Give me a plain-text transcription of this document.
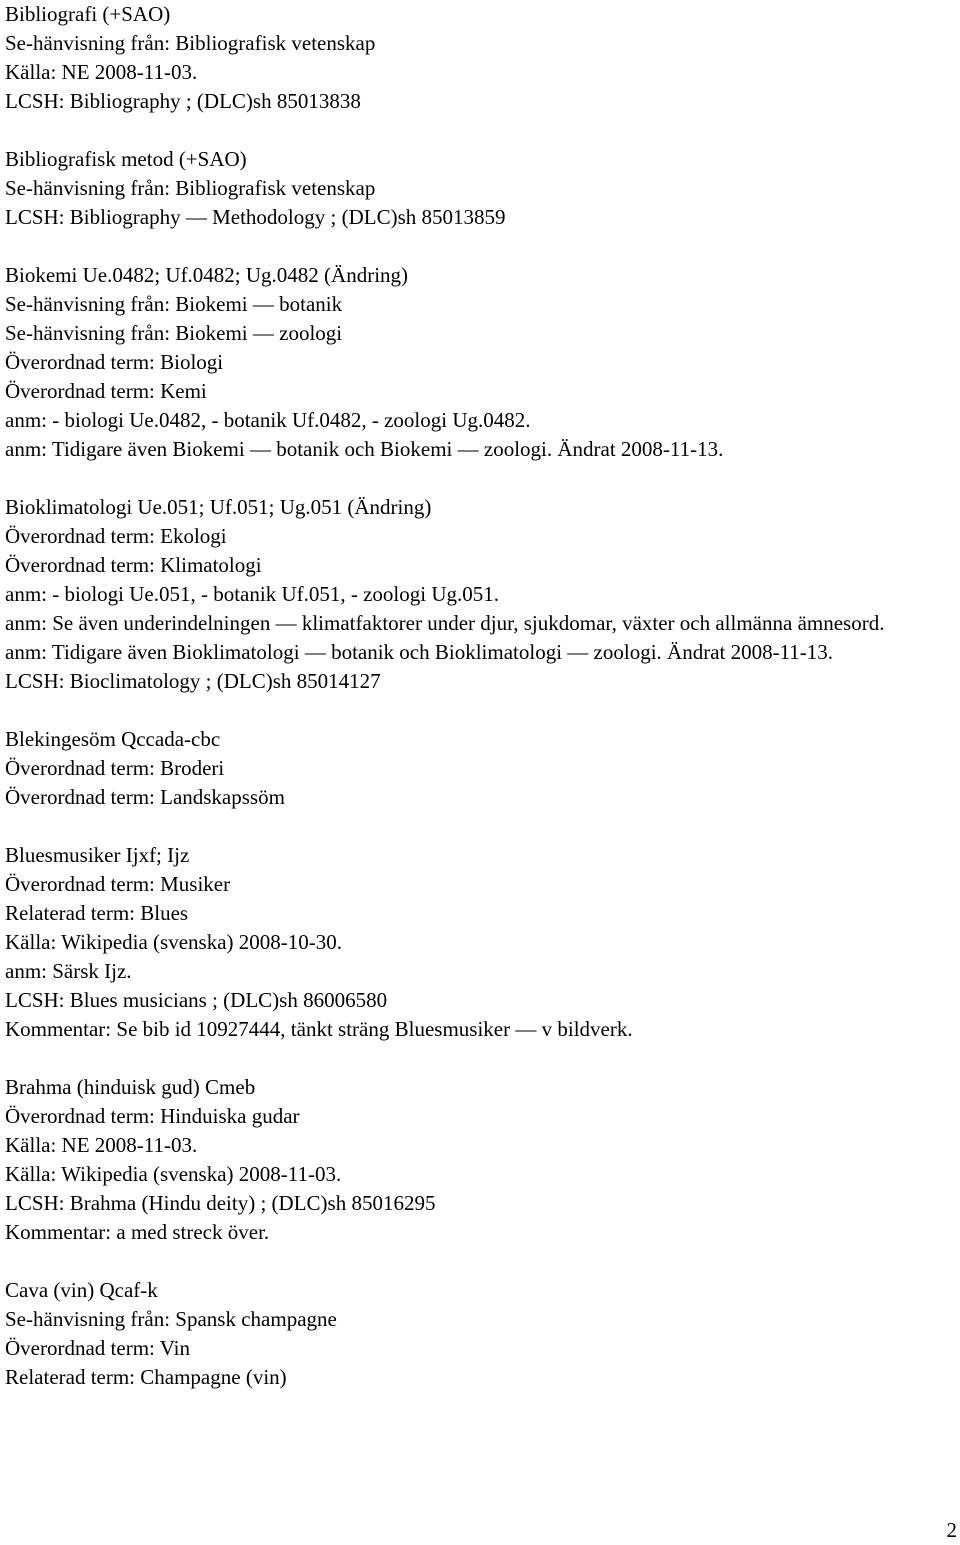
Bibliografi (+SAO)
Se-hänvisning från: Bibliografisk vetenskap
Källa: NE 2008-11-03.
LCSH: Bibliography ; (DLC)sh 85013838
Bibliografisk metod (+SAO)
Se-hänvisning från: Bibliografisk vetenskap
LCSH: Bibliography — Methodology ; (DLC)sh 85013859
Biokemi Ue.0482; Uf.0482; Ug.0482 (Ändring)
Se-hänvisning från: Biokemi — botanik
Se-hänvisning från: Biokemi — zoologi
Överordnad term: Biologi
Överordnad term: Kemi
anm: - biologi Ue.0482, - botanik Uf.0482, - zoologi Ug.0482.
anm: Tidigare även Biokemi — botanik och Biokemi — zoologi. Ändrat 2008-11-13.
Bioklimatologi Ue.051; Uf.051; Ug.051 (Ändring)
Överordnad term: Ekologi
Överordnad term: Klimatologi
anm: - biologi Ue.051, - botanik Uf.051, - zoologi Ug.051.
anm: Se även underindelningen — klimatfaktorer under djur, sjukdomar, växter och allmänna ämnesord.
anm: Tidigare även Bioklimatologi — botanik och Bioklimatologi — zoologi. Ändrat 2008-11-13.
LCSH: Bioclimatology ; (DLC)sh 85014127
Blekingesöm Qccada-cbc
Överordnad term: Broderi
Överordnad term: Landskapssöm
Bluesmusiker Ijxf; Ijz
Överordnad term: Musiker
Relaterad term: Blues
Källa: Wikipedia (svenska) 2008-10-30.
anm: Särsk Ijz.
LCSH: Blues musicians ; (DLC)sh 86006580
Kommentar: Se bib id 10927444, tänkt sträng Bluesmusiker — v bildverk.
Brahma (hinduisk gud) Cmeb
Överordnad term: Hinduiska gudar
Källa: NE 2008-11-03.
Källa: Wikipedia (svenska) 2008-11-03.
LCSH: Brahma (Hindu deity) ; (DLC)sh 85016295
Kommentar: a med streck över.
Cava (vin) Qcaf-k
Se-hänvisning från: Spansk champagne
Överordnad term: Vin
Relaterad term: Champagne (vin)
2
